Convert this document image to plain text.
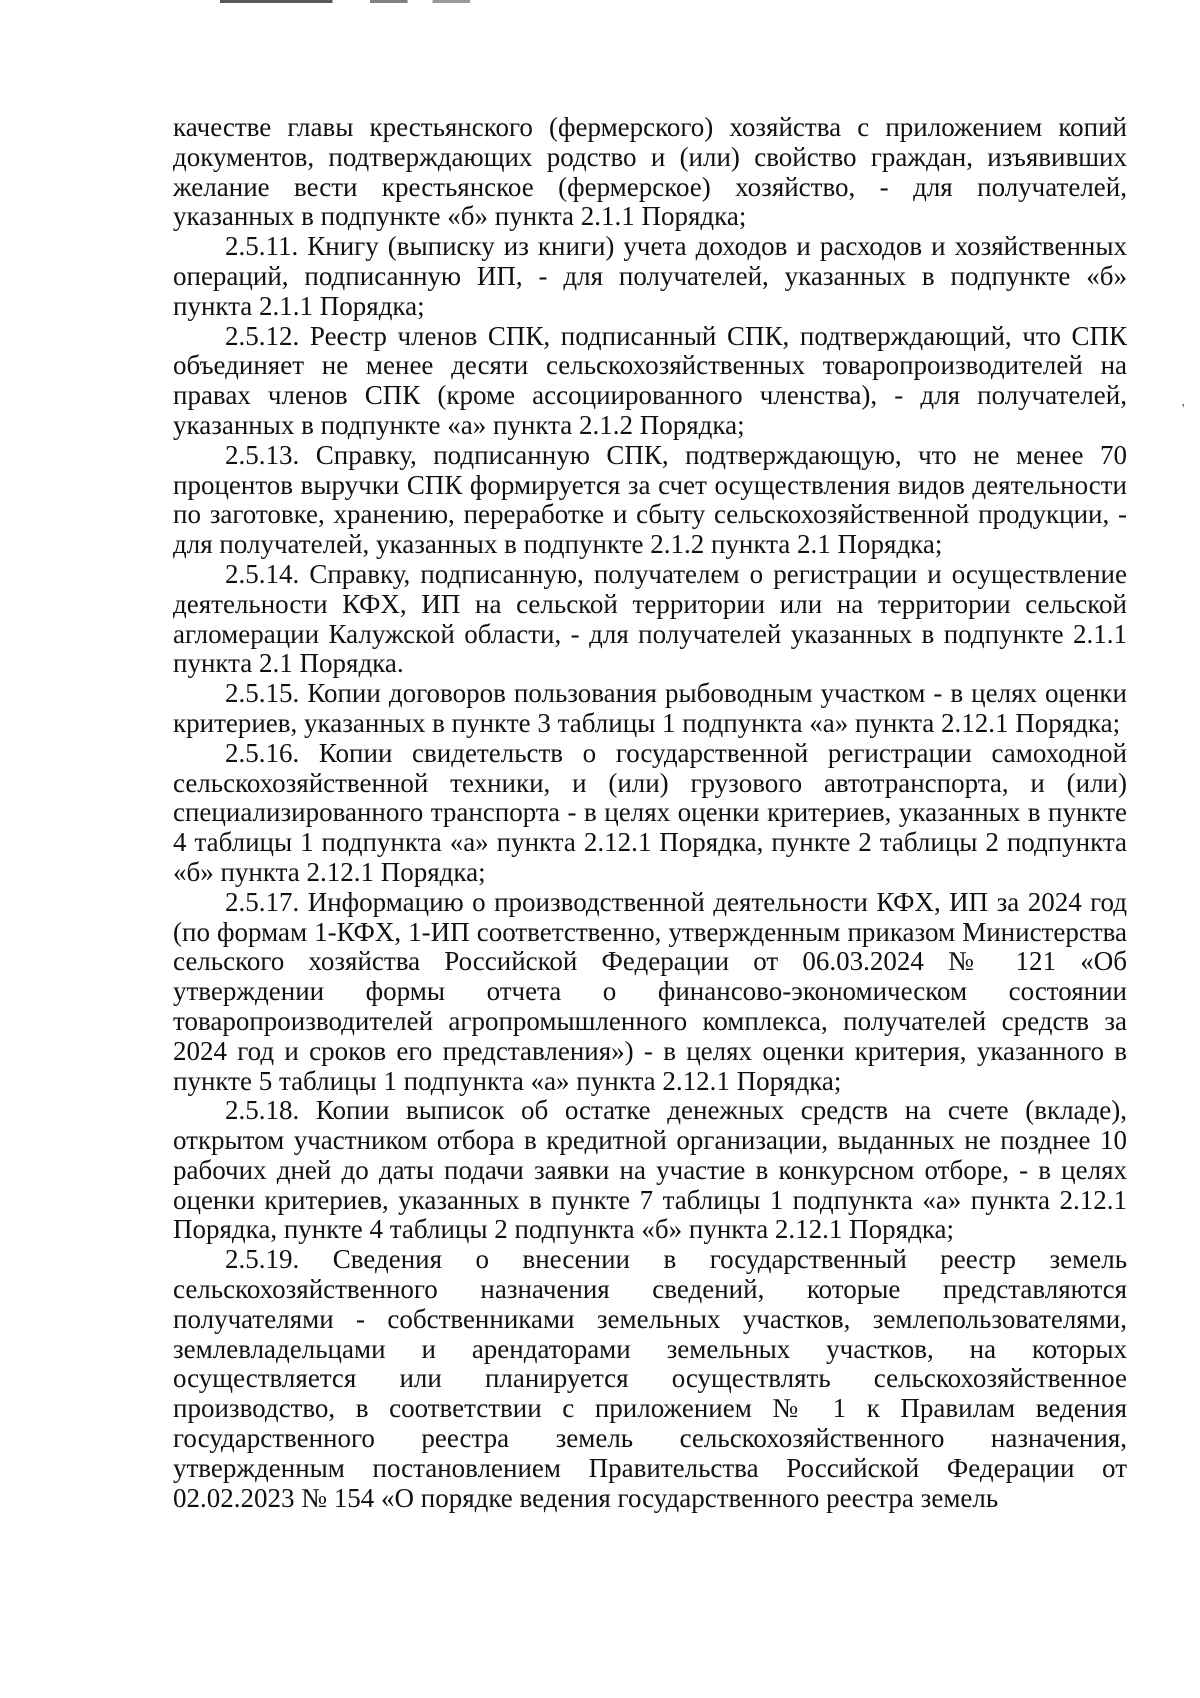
'

качестве главы крестьянского (фермерского) хозяйства с приложением копий документов, подтверждающих родство и (или) свойство граждан, изъявивших желание вести крестьянское (фермерское) хозяйство, - для получателей, указанных в подпункте «б» пункта 2.1.1 Порядка;

2.5.11. Книгу (выписку из книги) учета доходов и расходов и хозяйственных операций, подписанную ИП, - для получателей, указанных в подпункте «б» пункта 2.1.1 Порядка;

2.5.12. Реестр членов СПК, подписанный СПК, подтверждающий, что СПК объединяет не менее десяти сельскохозяйственных товаропроизводителей на правах членов СПК (кроме ассоциированного членства), - для получателей, указанных в подпункте «а» пункта 2.1.2 Порядка;

2.5.13. Справку, подписанную СПК, подтверждающую, что не менее 70 процентов выручки СПК формируется за счет осуществления видов деятельности по заготовке, хранению, переработке и сбыту сельскохозяйственной продукции, - для получателей, указанных в подпункте 2.1.2 пункта 2.1 Порядка;

2.5.14. Справку, подписанную, получателем о регистрации и осуществление деятельности КФХ, ИП на сельской территории или на территории сельской агломерации Калужской области, - для получателей указанных в подпункте 2.1.1 пункта 2.1 Порядка.

2.5.15. Копии договоров пользования рыбоводным участком - в целях оценки критериев, указанных в пункте 3 таблицы 1 подпункта «а» пункта 2.12.1 Порядка;

2.5.16. Копии свидетельств о государственной регистрации самоходной сельскохозяйственной техники, и (или) грузового автотранспорта, и (или) специализированного транспорта - в целях оценки критериев, указанных в пункте 4 таблицы 1 подпункта «а» пункта 2.12.1 Порядка, пункте 2 таблицы 2 подпункта «б» пункта 2.12.1 Порядка;

2.5.17. Информацию о производственной деятельности КФХ, ИП за 2024 год (по формам 1-КФХ, 1-ИП соответственно, утвержденным приказом Министерства сельского хозяйства Российской Федерации от 06.03.2024 № 121 «Об утверждении формы отчета о финансово-экономическом состоянии товаропроизводителей агропромышленного комплекса, получателей средств за 2024 год и сроков его представления») - в целях оценки критерия, указанного в пункте 5 таблицы 1 подпункта «а» пункта 2.12.1 Порядка;

2.5.18. Копии выписок об остатке денежных средств на счете (вкладе), открытом участником отбора в кредитной организации, выданных не позднее 10 рабочих дней до даты подачи заявки на участие в конкурсном отборе, - в целях оценки критериев, указанных в пункте 7 таблицы 1 подпункта «а» пункта 2.12.1 Порядка, пункте 4 таблицы 2 подпункта «б» пункта 2.12.1 Порядка;

2.5.19. Сведения о внесении в государственный реестр земель сельскохозяйственного назначения сведений, которые представляются получателями - собственниками земельных участков, землепользователями, землевладельцами и арендаторами земельных участков, на которых осуществляется или планируется осуществлять сельскохозяйственное производство, в соответствии с приложением № 1 к Правилам ведения государственного реестра земель сельскохозяйственного назначения, утвержденным постановлением Правительства Российской Федерации от 02.02.2023 № 154 «О порядке ведения государственного реестра земель
